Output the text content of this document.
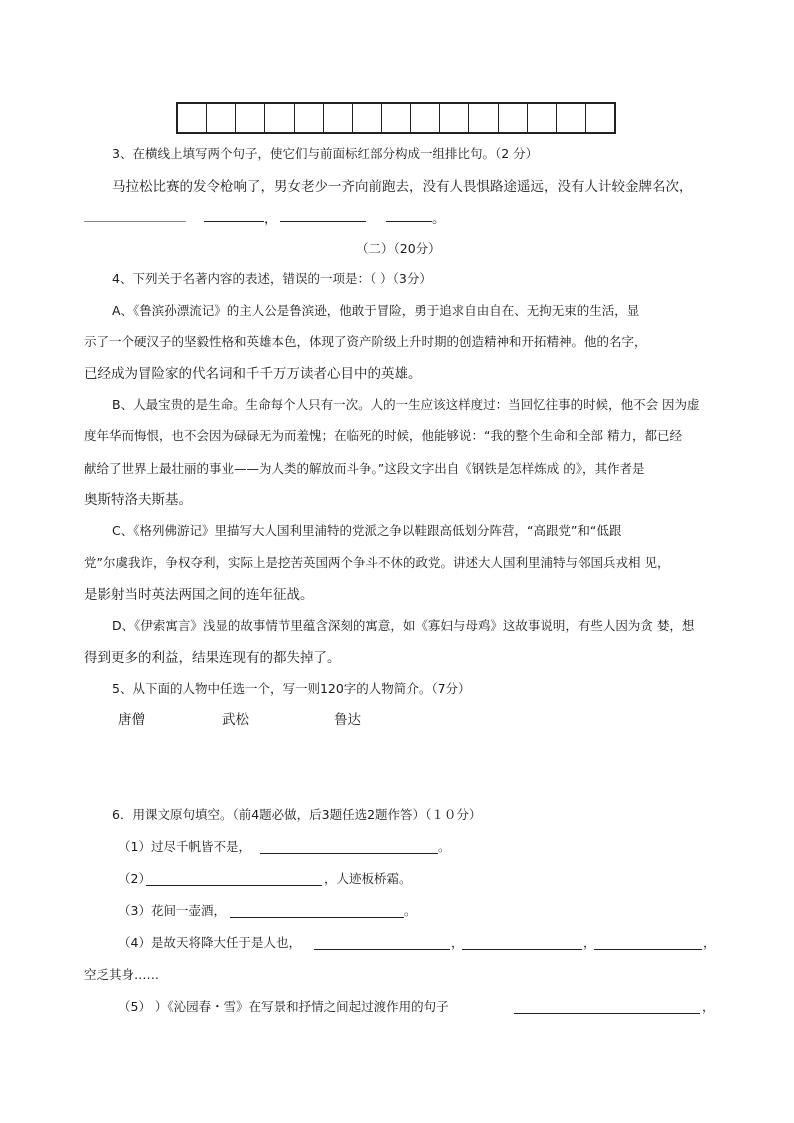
3、在横线上填写两个句子，使它们与前面标红部分构成一组排比句。（2 分）
马拉松比赛的发令枪响了，男女老少一齐向前跑去，没有人畏惧路途遥远，没有人计较金牌名次，
，	。
（二）（20分）
4、下列关于名著内容的表述，错误的一项是：（ ）（3分）
A、《鲁滨孙漂流记》的主人公是鲁滨逊，他敢于冒险，勇于追求自由自在、无拘无束的生活，显
示了一个硬汉子的坚毅性格和英雄本色，体现了资产阶级上升时期的创造精神和开拓精神。他的名字，
已经成为冒险家的代名词和千千万万读者心目中的英雄。
B、人最宝贵的是生命。生命每个人只有一次。人的一生应该这样度过：当回忆往事的时候，他不会 因为虚
度年华而悔恨，也不会因为碌碌无为而羞愧；在临死的时候，他能够说：“我的整个生命和全部 精力，都已经
献给了世界上最壮丽的事业——为人类的解放而斗争。”这段文字出自《钢铁是怎样炼成 的》，其作者是
奥斯特洛夫斯基。
C、《格列佛游记》里描写大人国利里浦特的党派之争以鞋跟高低划分阵营，“高跟党”和“低跟
党”尔虞我诈，争权夺利，实际上是挖苦英国两个争斗不休的政党。讲述大人国利里浦特与邻国兵戎相 见，
是影射当时英法两国之间的连年征战。
D、《伊索寓言》浅显的故事情节里蕴含深刻的寓意，如《寡妇与母鸡》这故事说明，有些人因为贪 婪，想
得到更多的利益，结果连现有的都失掉了。
5、从下面的人物中任选一个，写一则120字的人物简介。（7分）
唐僧	武松	鲁达
6．用课文原句填空。（前4题必做，后3题任选2题作答）（１０分）
（1）过尽千帆皆不是，	。
（2）	，人迹板桥霜。
（3）花间一壶酒，	。
（4）是故天将降大任于是人也，	，	，	，
空乏其身……
（5） ）《沁园春・雪》在写景和抒情之间起过渡作用的句子	，
